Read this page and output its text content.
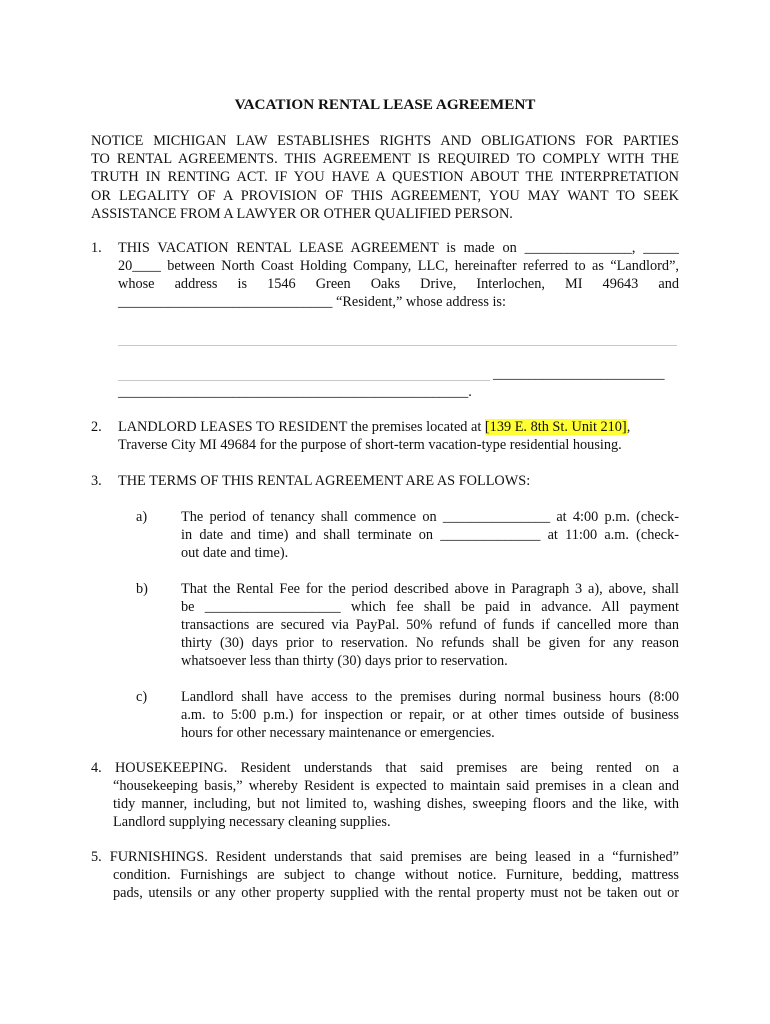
VACATION RENTAL LEASE AGREEMENT
NOTICE MICHIGAN LAW ESTABLISHES RIGHTS AND OBLIGATIONS FOR PARTIES
TO RENTAL AGREEMENTS. THIS AGREEMENT IS REQUIRED TO COMPLY WITH THE
TRUTH IN RENTING ACT. IF YOU HAVE A QUESTION ABOUT THE INTERPRETATION
OR LEGALITY OF A PROVISION OF THIS AGREEMENT, YOU MAY WANT TO SEEK
ASSISTANCE FROM A LAWYER OR OTHER QUALIFIED PERSON.
1. THIS VACATION RENTAL LEASE AGREEMENT is made on _______________, _____
20____ between North Coast Holding Company, LLC, hereinafter referred to as “Landlord”,
whose address is 1546 Green Oaks Drive, Interlochen, MI 49643 and
______________________________ “Resident,” whose address is:
________________________
_________________________________________________.
2. LANDLORD LEASES TO RESIDENT the premises located at [139 E. 8th St. Unit 210],
Traverse City MI 49684 for the purpose of short-term vacation-type residential housing.
3. THE TERMS OF THIS RENTAL AGREEMENT ARE AS FOLLOWS:
a) The period of tenancy shall commence on _______________ at 4:00 p.m. (check-
in date and time) and shall terminate on ______________ at 11:00 a.m. (check-
out date and time).
b) That the Rental Fee for the period described above in Paragraph 3 a), above, shall
be ___________________ which fee shall be paid in advance. All payment
transactions are secured via PayPal. 50% refund of funds if cancelled more than
thirty (30) days prior to reservation. No refunds shall be given for any reason
whatsoever less than thirty (30) days prior to reservation.
c) Landlord shall have access to the premises during normal business hours (8:00
a.m. to 5:00 p.m.) for inspection or repair, or at other times outside of business
hours for other necessary maintenance or emergencies.
4. HOUSEKEEPING. Resident understands that said premises are being rented on a
“housekeeping basis,” whereby Resident is expected to maintain said premises in a clean and
tidy manner, including, but not limited to, washing dishes, sweeping floors and the like, with
Landlord supplying necessary cleaning supplies.
5. FURNISHINGS. Resident understands that said premises are being leased in a “furnished”
condition. Furnishings are subject to change without notice. Furniture, bedding, mattress
pads, utensils or any other property supplied with the rental property must not be taken out or
